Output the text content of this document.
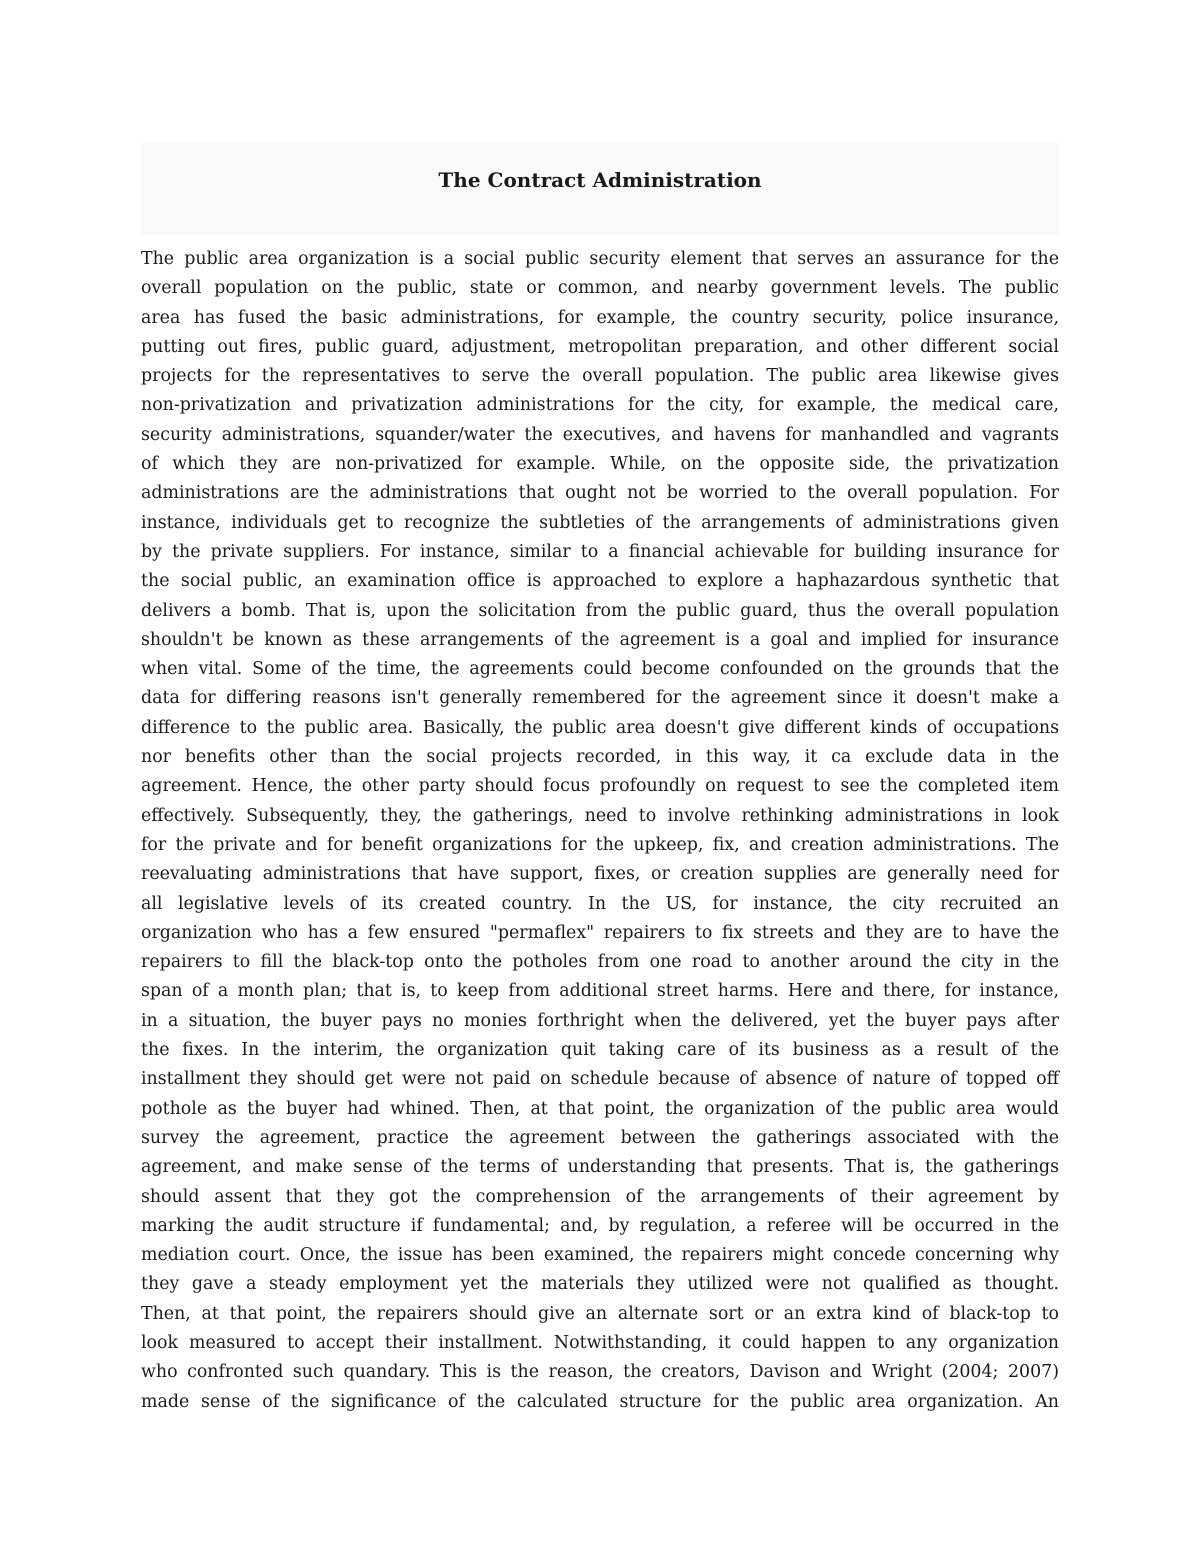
The Contract Administration
The public area organization is a social public security element that serves an assurance for the
overall population on the public, state or common, and nearby government levels. The public
area has fused the basic administrations, for example, the country security, police insurance,
putting out fires, public guard, adjustment, metropolitan preparation, and other different social
projects for the representatives to serve the overall population. The public area likewise gives
non-privatization and privatization administrations for the city, for example, the medical care,
security administrations, squander/water the executives, and havens for manhandled and vagrants
of which they are non-privatized for example. While, on the opposite side, the privatization
administrations are the administrations that ought not be worried to the overall population. For
instance, individuals get to recognize the subtleties of the arrangements of administrations given
by the private suppliers. For instance, similar to a financial achievable for building insurance for
the social public, an examination office is approached to explore a haphazardous synthetic that
delivers a bomb. That is, upon the solicitation from the public guard, thus the overall population
shouldn't be known as these arrangements of the agreement is a goal and implied for insurance
when vital. Some of the time, the agreements could become confounded on the grounds that the
data for differing reasons isn't generally remembered for the agreement since it doesn't make a
difference to the public area. Basically, the public area doesn't give different kinds of occupations
nor benefits other than the social projects recorded, in this way, it ca exclude data in the
agreement. Hence, the other party should focus profoundly on request to see the completed item
effectively. Subsequently, they, the gatherings, need to involve rethinking administrations in look
for the private and for benefit organizations for the upkeep, fix, and creation administrations. The
reevaluating administrations that have support, fixes, or creation supplies are generally need for
all legislative levels of its created country. In the US, for instance, the city recruited an
organization who has a few ensured "permaflex" repairers to fix streets and they are to have the
repairers to fill the black-top onto the potholes from one road to another around the city in the
span of a month plan; that is, to keep from additional street harms. Here and there, for instance,
in a situation, the buyer pays no monies forthright when the delivered, yet the buyer pays after
the fixes. In the interim, the organization quit taking care of its business as a result of the
installment they should get were not paid on schedule because of absence of nature of topped off
pothole as the buyer had whined. Then, at that point, the organization of the public area would
survey the agreement, practice the agreement between the gatherings associated with the
agreement, and make sense of the terms of understanding that presents. That is, the gatherings
should assent that they got the comprehension of the arrangements of their agreement by
marking the audit structure if fundamental; and, by regulation, a referee will be occurred in the
mediation court. Once, the issue has been examined, the repairers might concede concerning why
they gave a steady employment yet the materials they utilized were not qualified as thought.
Then, at that point, the repairers should give an alternate sort or an extra kind of black-top to
look measured to accept their installment. Notwithstanding, it could happen to any organization
who confronted such quandary. This is the reason, the creators, Davison and Wright (2004; 2007)
made sense of the significance of the calculated structure for the public area organization. An
